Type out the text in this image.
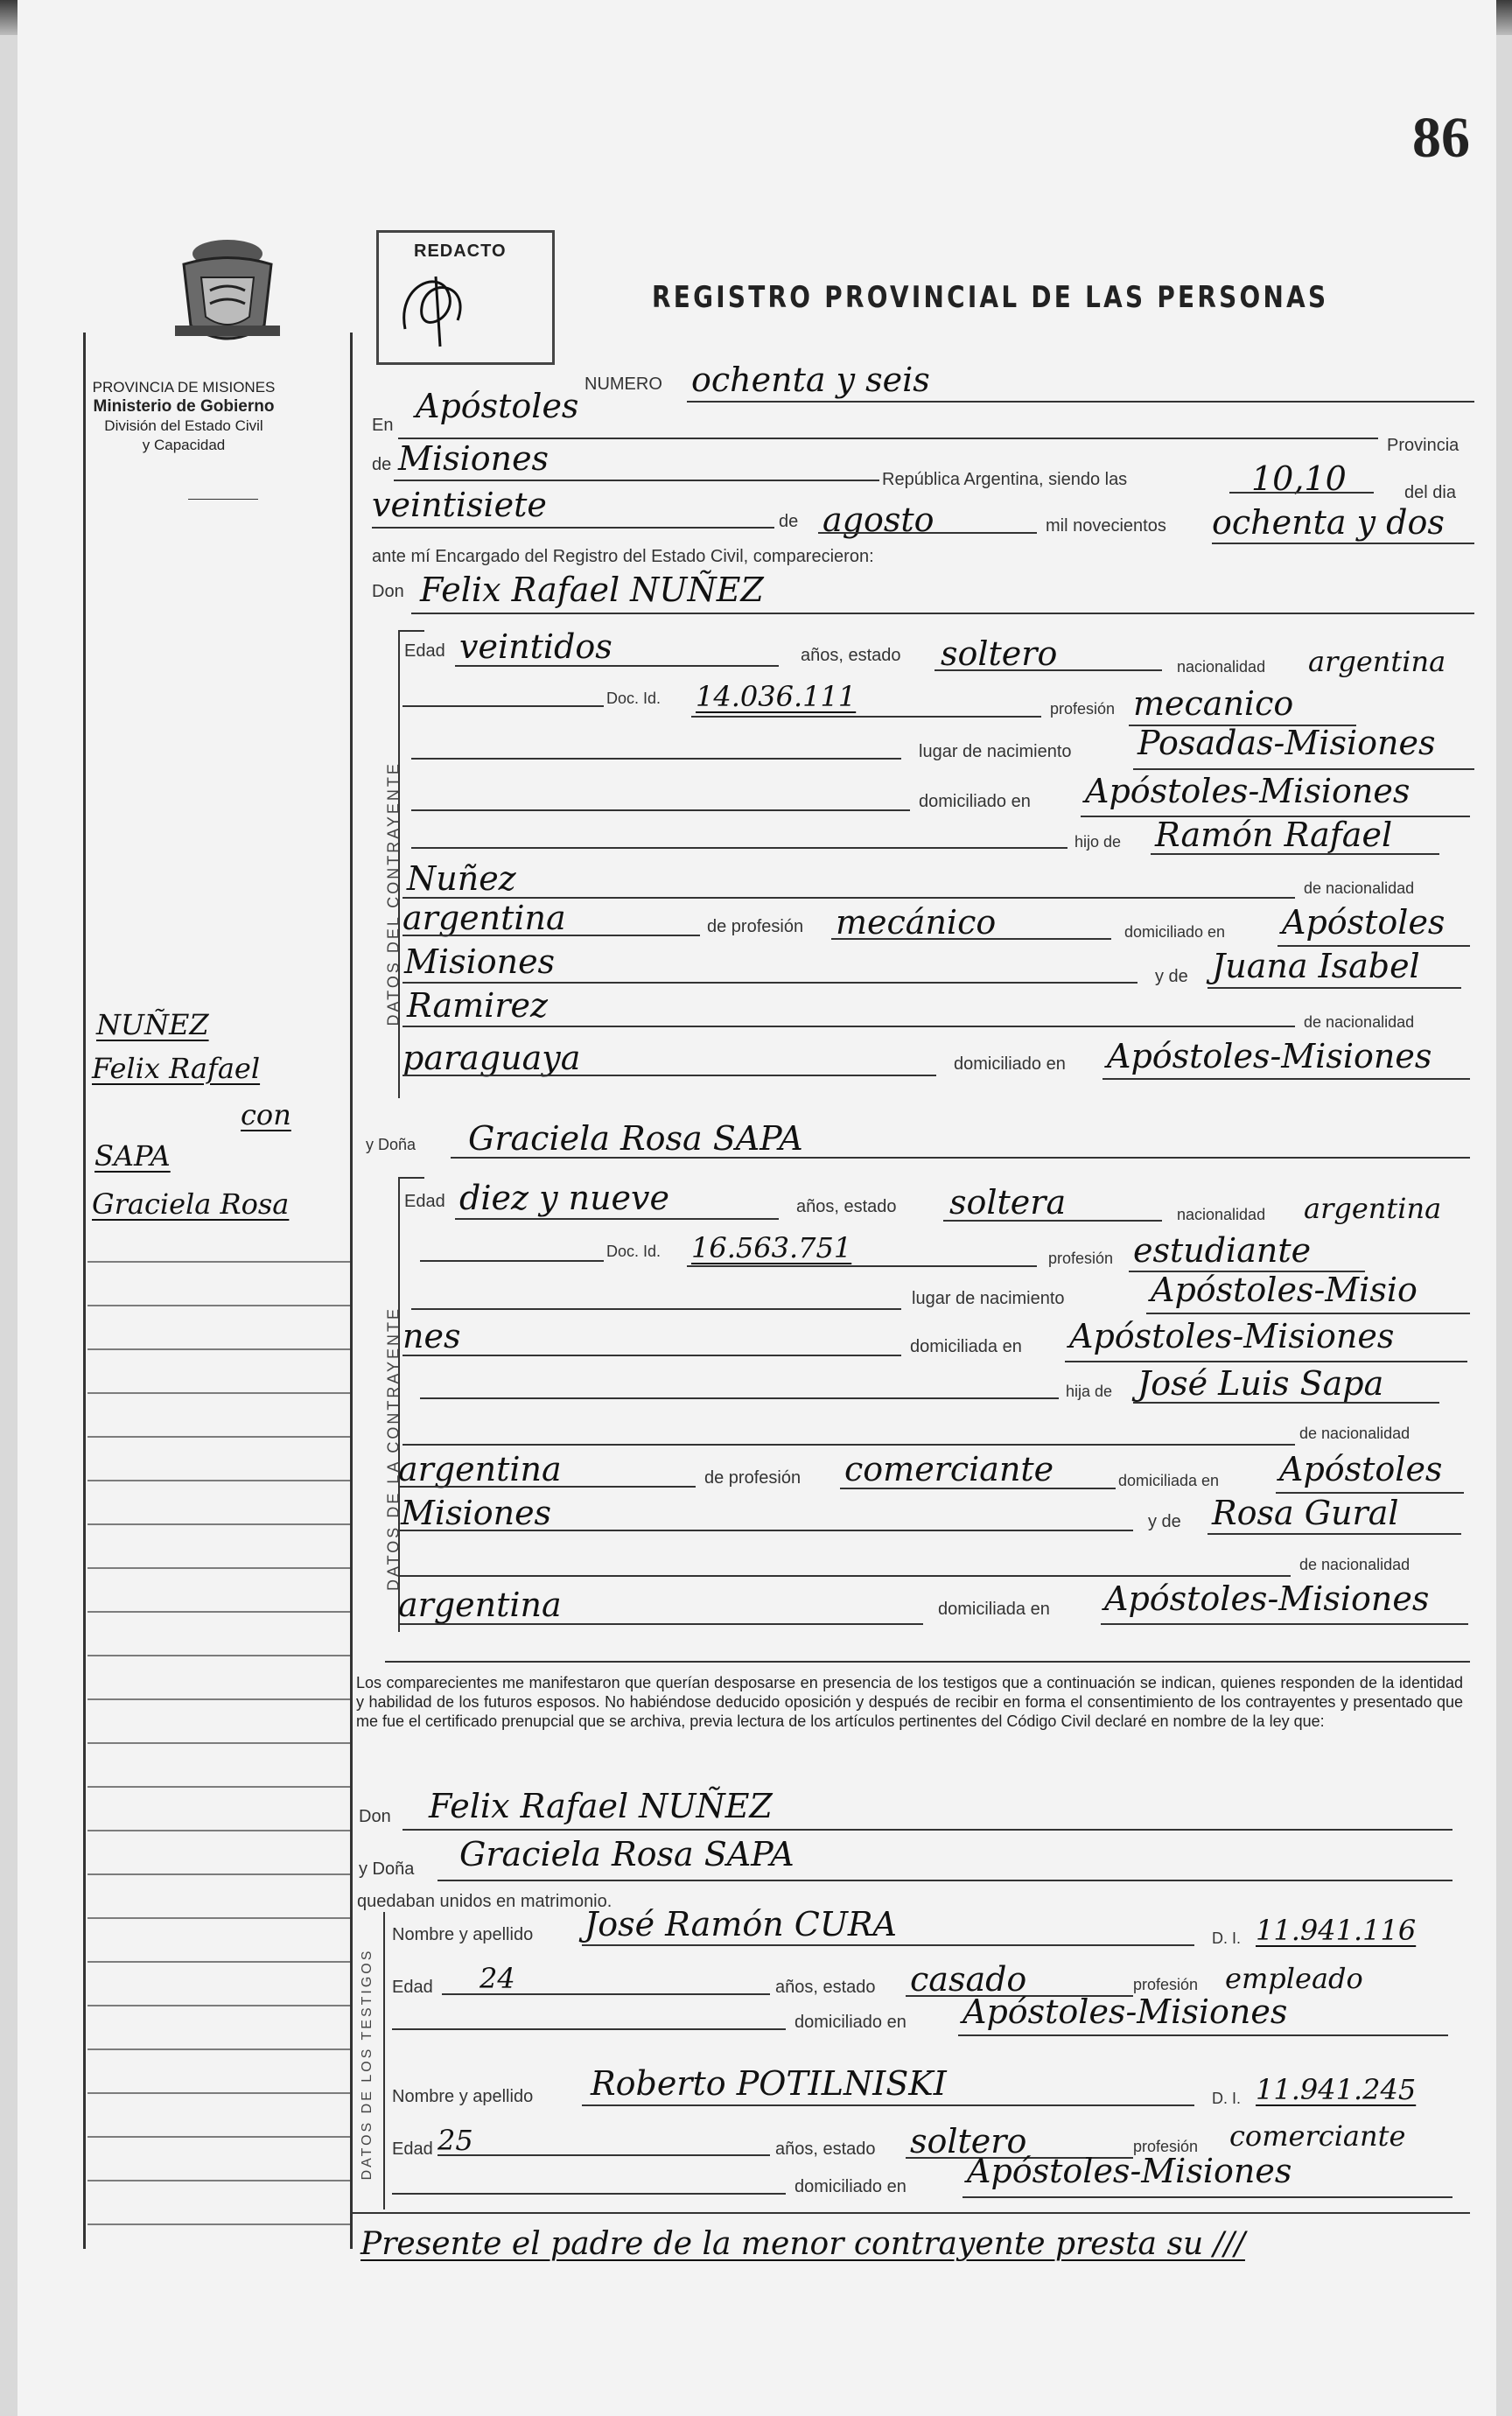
86
PROVINCIA DE MISIONES
Ministerio de Gobierno
División del Estado Civil
y Capacidad
NUÑEZ
Felix Rafael
con
SAPA
Graciela Rosa
REDACTO
REGISTRO PROVINCIAL DE LAS PERSONAS
NUMERO ochenta y seis
En Apóstoles
Provincia
de Misiones
República Argentina, siendo las	10,10	del dia
veintisiete	de agosto	mil novecientos ochenta y dos
ante mí Encargado del Registro del Estado Civil, comparecieron:
Don Felix Rafael NUÑEZ
DATOS DEL CONTRAYENTE
Edad veintidos	años, estado soltero	nacionalidad argentina
Doc. Id. 14.036.111	profesión mecanico
lugar de nacimiento Posadas-Misiones
domiciliado en Apóstoles-Misiones
hijo de Ramón Rafael
Nuñez	de nacionalidad
argentina	de profesión mecánico	domiciliado en Apóstoles
Misiones	y de Juana Isabel
Ramirez	de nacionalidad
paraguaya	domiciliado en Apóstoles-Misiones
y Doña Graciela Rosa SAPA
DATOS DE LA CONTRAYENTE
Edad diez y nueve	años, estado soltera	nacionalidad argentina
Doc. Id. 16.563.751	profesión estudiante
lugar de nacimiento	Apóstoles-Misio
nes	domiciliada en Apóstoles-Misiones
hija de José Luis Sapa
de nacionalidad
argentina	de profesión comerciante	domiciliada en Apóstoles
Misiones	y de Rosa Gural
de nacionalidad
argentina	domiciliada en Apóstoles-Misiones
Los comparecientes me manifestaron que querían desposarse en presencia de los testigos que a continuación se indican, quienes responden de la identidad y habilidad de los futuros esposos. No habiéndose deducido oposición y después de recibir en forma el consentimiento de los contrayentes y presentado que me fue el certificado prenupcial que se archiva, previa lectura de los artículos pertinentes del Código Civil declaré en nombre de la ley que:
Don Felix Rafael NUÑEZ
y Doña Graciela Rosa SAPA
quedaban unidos en matrimonio.
DATOS DE LOS TESTIGOS
Nombre y apellido José Ramón CURA	D. I. 11.941.116
Edad 24	años, estado casado	profesión empleado
domiciliado en Apóstoles-Misiones
Nombre y apellido Roberto POTILNISKI	D. I. 11.941.245
Edad 25	años, estado soltero	profesión comerciante
domiciliado en Apóstoles-Misiones
Presente el padre de la menor contrayente presta su ///
